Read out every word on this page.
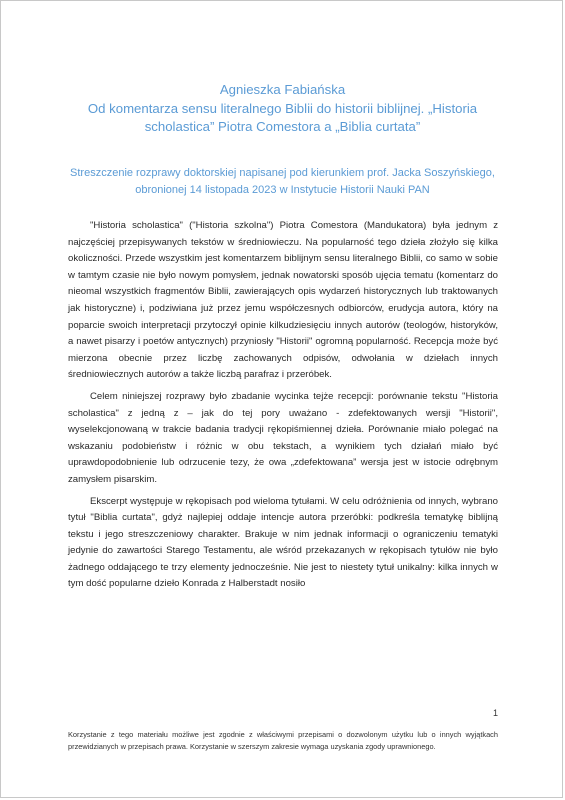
Agnieszka Fabiańska
Od komentarza sensu literalnego Biblii do historii biblijnej. „Historia scholastica” Piotra Comestora a „Biblia curtata”
Streszczenie rozprawy doktorskiej napisanej pod kierunkiem prof. Jacka Soszyńskiego, obronionej 14 listopada 2023 w Instytucie Historii Nauki PAN

"Historia scholastica" ("Historia szkolna") Piotra Comestora (Mandukatora) była jednym z najczęściej przepisywanych tekstów w średniowieczu. Na popularność tego dzieła złożyło się kilka okoliczności. Przede wszystkim jest komentarzem biblijnym sensu literalnego Biblii, co samo w sobie w tamtym czasie nie było nowym pomysłem, jednak nowatorski sposób ujęcia tematu (komentarz do nieomal wszystkich fragmentów Biblii, zawierających opis wydarzeń historycznych lub traktowanych jak historyczne) i, podziwiana już przez jemu współczesnych odbiorców, erudycja autora, który na poparcie swoich interpretacji przytoczył opinie kilkudziesięciu innych autorów (teologów, historyków, a nawet pisarzy i poetów antycznych) przyniosły "Historii" ogromną popularność. Recepcja może być mierzona obecnie przez liczbę zachowanych odpisów, odwołania w dziełach innych średniowiecznych autorów a także liczbą parafraz i przeróbek.

Celem niniejszej rozprawy było zbadanie wycinka tejże recepcji: porównanie tekstu "Historia scholastica" z jedną z – jak do tej pory uważano - zdefektowanych wersji "Historii", wyselekcjonowaną w trakcie badania tradycji rękopiśmiennej dzieła. Porównanie miało polegać na wskazaniu podobieństw i różnic w obu tekstach, a wynikiem tych działań miało być uprawdopodobnienie lub odrzucenie tezy, że owa „zdefektowana” wersja jest w istocie odrębnym zamysłem pisarskim.

Ekscerpt występuje w rękopisach pod wieloma tytułami. W celu odróżnienia od innych, wybrano tytuł "Biblia curtata", gdyż najlepiej oddaje intencje autora przeróbki: podkreśla tematykę biblijną tekstu i jego streszczeniowy charakter. Brakuje w nim jednak informacji o ograniczeniu tematyki jedynie do zawartości Starego Testamentu, ale wśród przekazanych w rękopisach tytułów nie było żadnego oddającego te trzy elementy jednocześnie. Nie jest to niestety tytuł unikalny: kilka innych w tym dość popularne dzieło Konrada z Halberstadt nosiło

1
Korzystanie z tego materiału możliwe jest zgodnie z właściwymi przepisami o dozwolonym użytku lub o innych wyjątkach przewidzianych w przepisach prawa. Korzystanie w szerszym zakresie wymaga uzyskania zgody uprawnionego.
